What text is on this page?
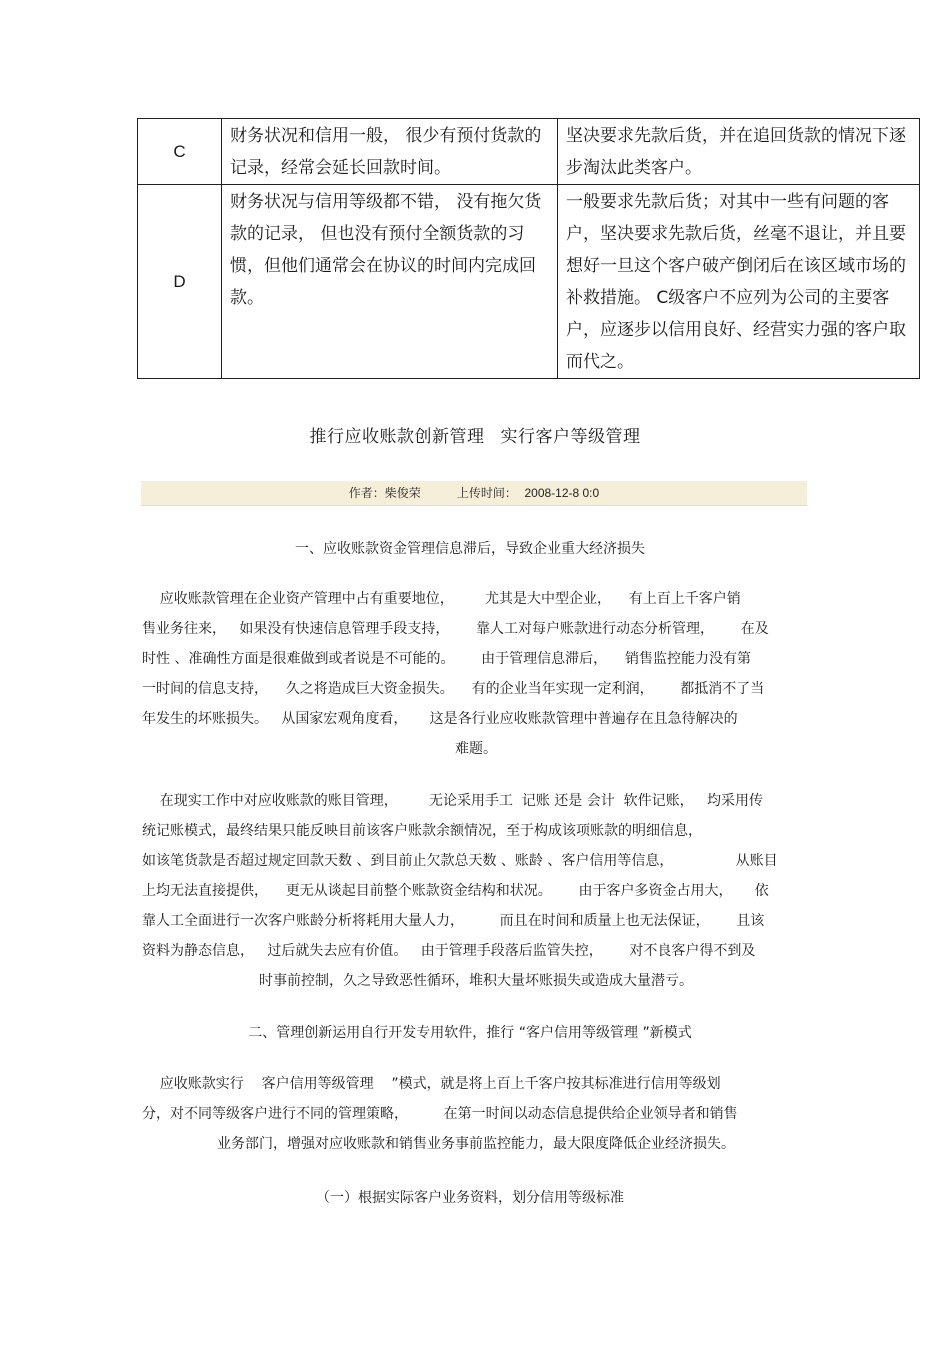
C	财务状况和信用一般， 很少有预付货款的记录，经常会延长回款时间。	坚决要求先款后货，并在追回货款的情况下逐步淘汰此类客户。
D	财务状况与信用等级都不错， 没有拖欠货款的记录， 但也没有预付全额货款的习惯，但他们通常会在协议的时间内完成回款。	一般要求先款后货；对其中一些有问题的客户，坚决要求先款后货，丝毫不退让，并且要想好一旦这个客户破产倒闭后在该区域市场的补救措施。 C级客户不应列为公司的主要客户，应逐步以信用良好、经营实力强的客户取而代之。
推行应收账款创新管理 实行客户等级管理
作者：柴俊荣	上传时间： 2008-12-8 0:0
一、应收账款资金管理信息滞后，导致企业重大经济损失
应收账款管理在企业资产管理中占有重要地位，       尤其是大中型企业，    有上百上千客户销
售业务往来，   如果没有快速信息管理手段支持，      靠人工对每户账款进行动态分析管理，      在及
时性 、准确性方面是很难做到或者说是不可能的。      由于管理信息滞后，    销售监控能力没有第
一时间的信息支持，    久之将造成巨大资金损失。    有的企业当年实现一定利润，      都抵消不了当
年发生的坏账损失。   从国家宏观角度看，     这是各行业应收账款管理中普遍存在且急待解决的
难题。
在现实工作中对应收账款的账目管理，       无论采用手工  记账 还是 会计  软件记账，   均采用传
统记账模式，最终结果只能反映目前该客户账款余额情况，至于构成该项账款的明细信息，
如该笔货款是否超过规定回款天数 、到目前止欠款总天数 、账龄 、客户信用等信息，              从账目
上均无法直接提供，    更无从谈起目前整个账款资金结构和状况。      由于客户多资金占用大，     依
靠人工全面进行一次客户账龄分析将耗用大量人力，        而且在时间和质量上也无法保证，      且该
资料为静态信息，   过后就失去应有价值。   由于管理手段落后监管失控，      对不良客户得不到及
时事前控制，久之导致恶性循环，堆积大量坏账损失或造成大量潜亏。
二、管理创新运用自行开发专用软件，推行 “客户信用等级管理 ”新模式
应收账款实行    客户信用等级管理    ”模式，就是将上百上千客户按其标准进行信用等级划
分，对不同等级客户进行不同的管理策略，        在第一时间以动态信息提供给企业领导者和销售
业务部门，增强对应收账款和销售业务事前监控能力，最大限度降低企业经济损失。
（一）根据实际客户业务资料，划分信用等级标准
